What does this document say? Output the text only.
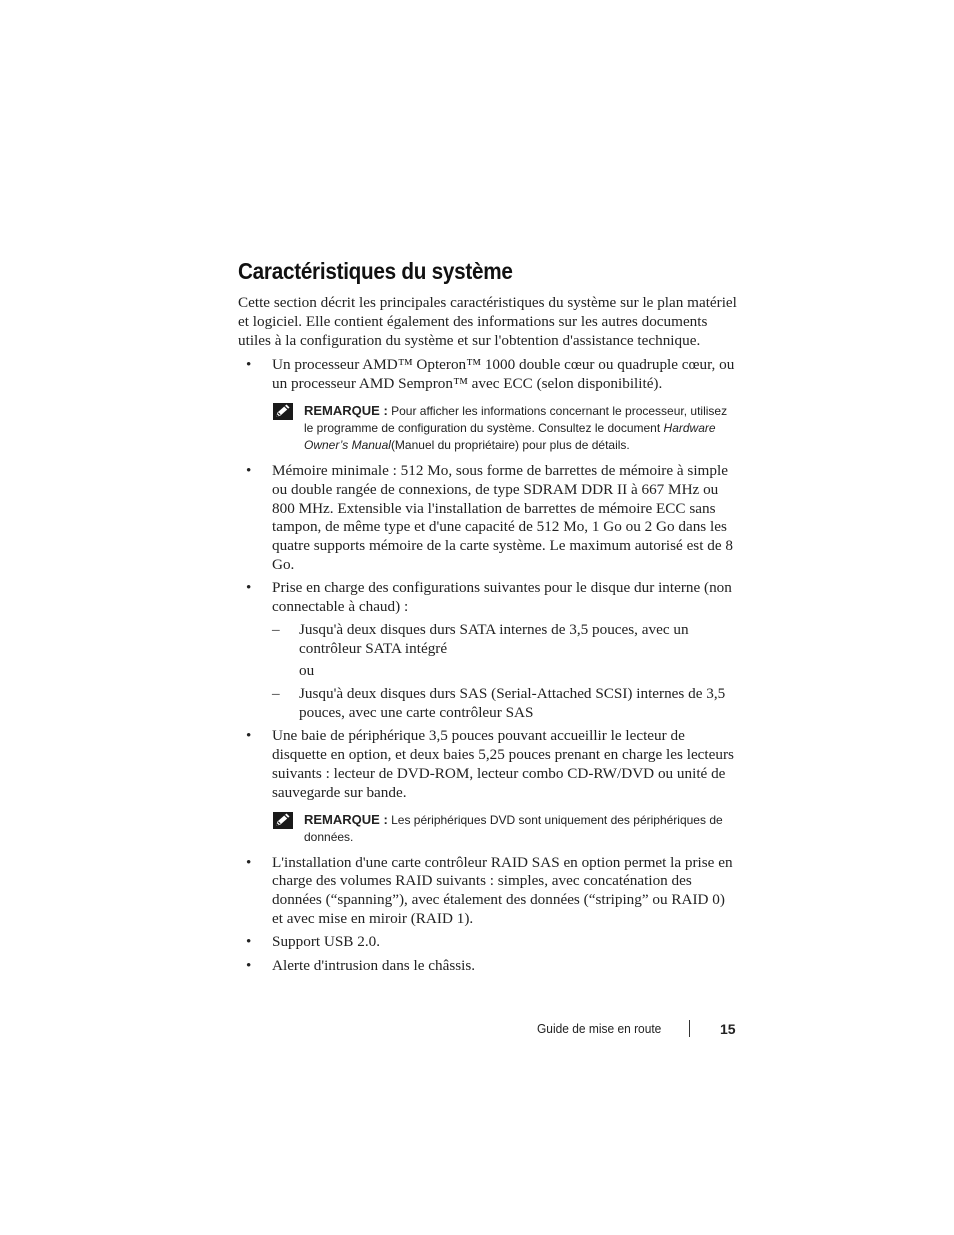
Caractéristiques du système

Cette section décrit les principales caractéristiques du système sur le plan matériel et logiciel. Elle contient également des informations sur les autres documents utiles à la configuration du système et sur l'obtention d'assistance technique.

• Un processeur AMD™ Opteron™ 1000 double cœur ou quadruple cœur, ou un processeur AMD Sempron™ avec ECC (selon disponibilité).
REMARQUE : Pour afficher les informations concernant le processeur, utilisez le programme de configuration du système. Consultez le document Hardware Owner’s Manual(Manuel du propriétaire) pour plus de détails.
• Mémoire minimale : 512 Mo, sous forme de barrettes de mémoire à simple ou double rangée de connexions, de type SDRAM DDR II à 667 MHz ou 800 MHz. Extensible via l'installation de barrettes de mémoire ECC sans tampon, de même type et d'une capacité de 512 Mo, 1 Go ou 2 Go dans les quatre supports mémoire de la carte système. Le maximum autorisé est de 8 Go.
• Prise en charge des configurations suivantes pour le disque dur interne (non connectable à chaud) :
– Jusqu'à deux disques durs SATA internes de 3,5 pouces, avec un contrôleur SATA intégré
ou
– Jusqu'à deux disques durs SAS (Serial-Attached SCSI) internes de 3,5 pouces, avec une carte contrôleur SAS
• Une baie de périphérique 3,5 pouces pouvant accueillir le lecteur de disquette en option, et deux baies 5,25 pouces prenant en charge les lecteurs suivants : lecteur de DVD-ROM, lecteur combo CD-RW/DVD ou unité de sauvegarde sur bande.
REMARQUE : Les périphériques DVD sont uniquement des périphériques de données.
• L'installation d'une carte contrôleur RAID SAS en option permet la prise en charge des volumes RAID suivants : simples, avec concaténation des données (“spanning”), avec étalement des données (“striping” ou RAID 0) et avec mise en miroir (RAID 1).
• Support USB 2.0.
• Alerte d'intrusion dans le châssis.
Guide de mise en route	15
